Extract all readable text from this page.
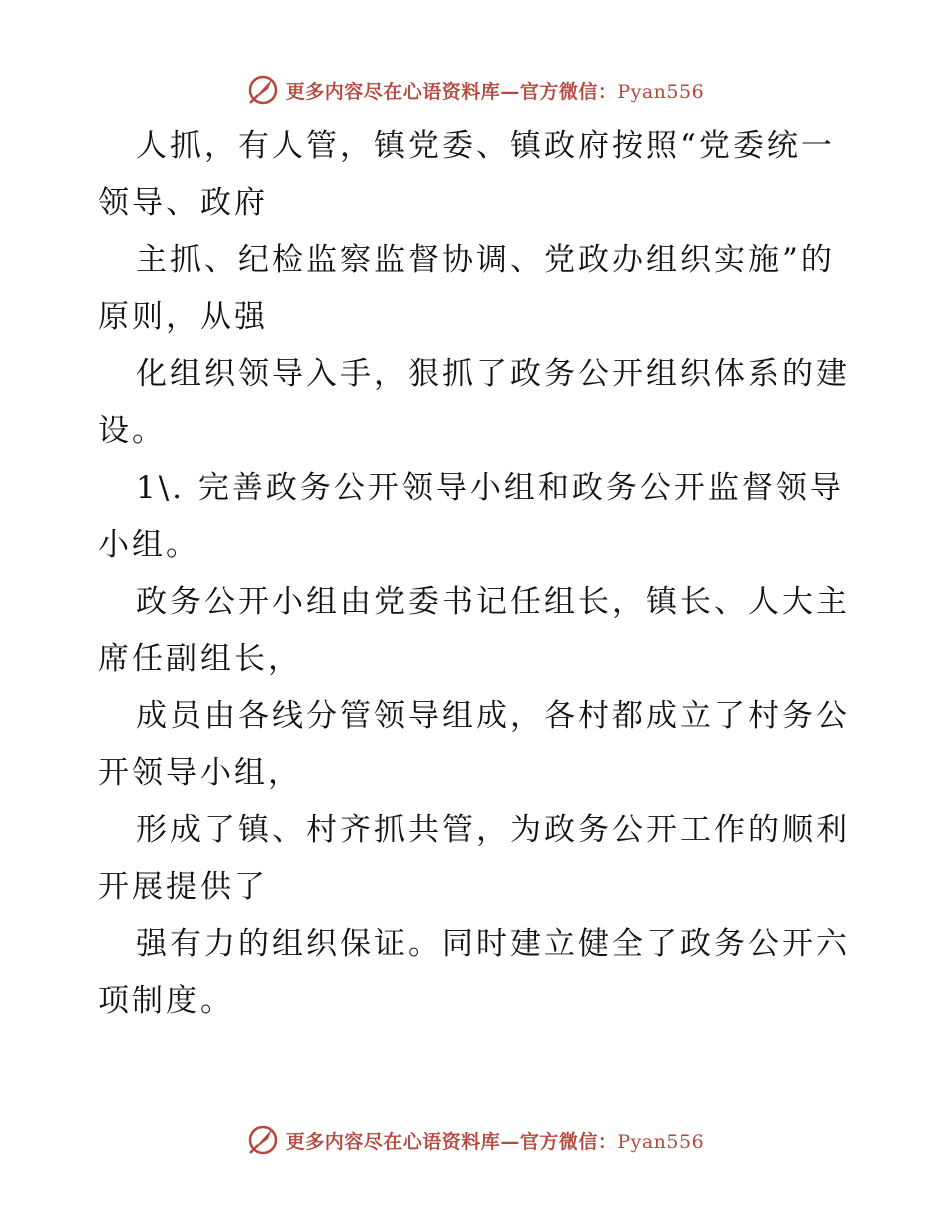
更多内容尽在心语资料库—官方微信：Pyan556

人抓，有人管，镇党委、镇政府按照“党委统一
领导、政府

主抓、纪检监察监督协调、党政办组织实施”的
原则，从强

化组织领导入手，狠抓了政务公开组织体系的建
设。

1\. 完善政务公开领导小组和政务公开监督领导
小组。

政务公开小组由党委书记任组长，镇长、人大主
席任副组长，

成员由各线分管领导组成，各村都成立了村务公
开领导小组，

形成了镇、村齐抓共管，为政务公开工作的顺利
开展提供了

强有力的组织保证。同时建立健全了政务公开六
项制度。

更多内容尽在心语资料库—官方微信：Pyan556
